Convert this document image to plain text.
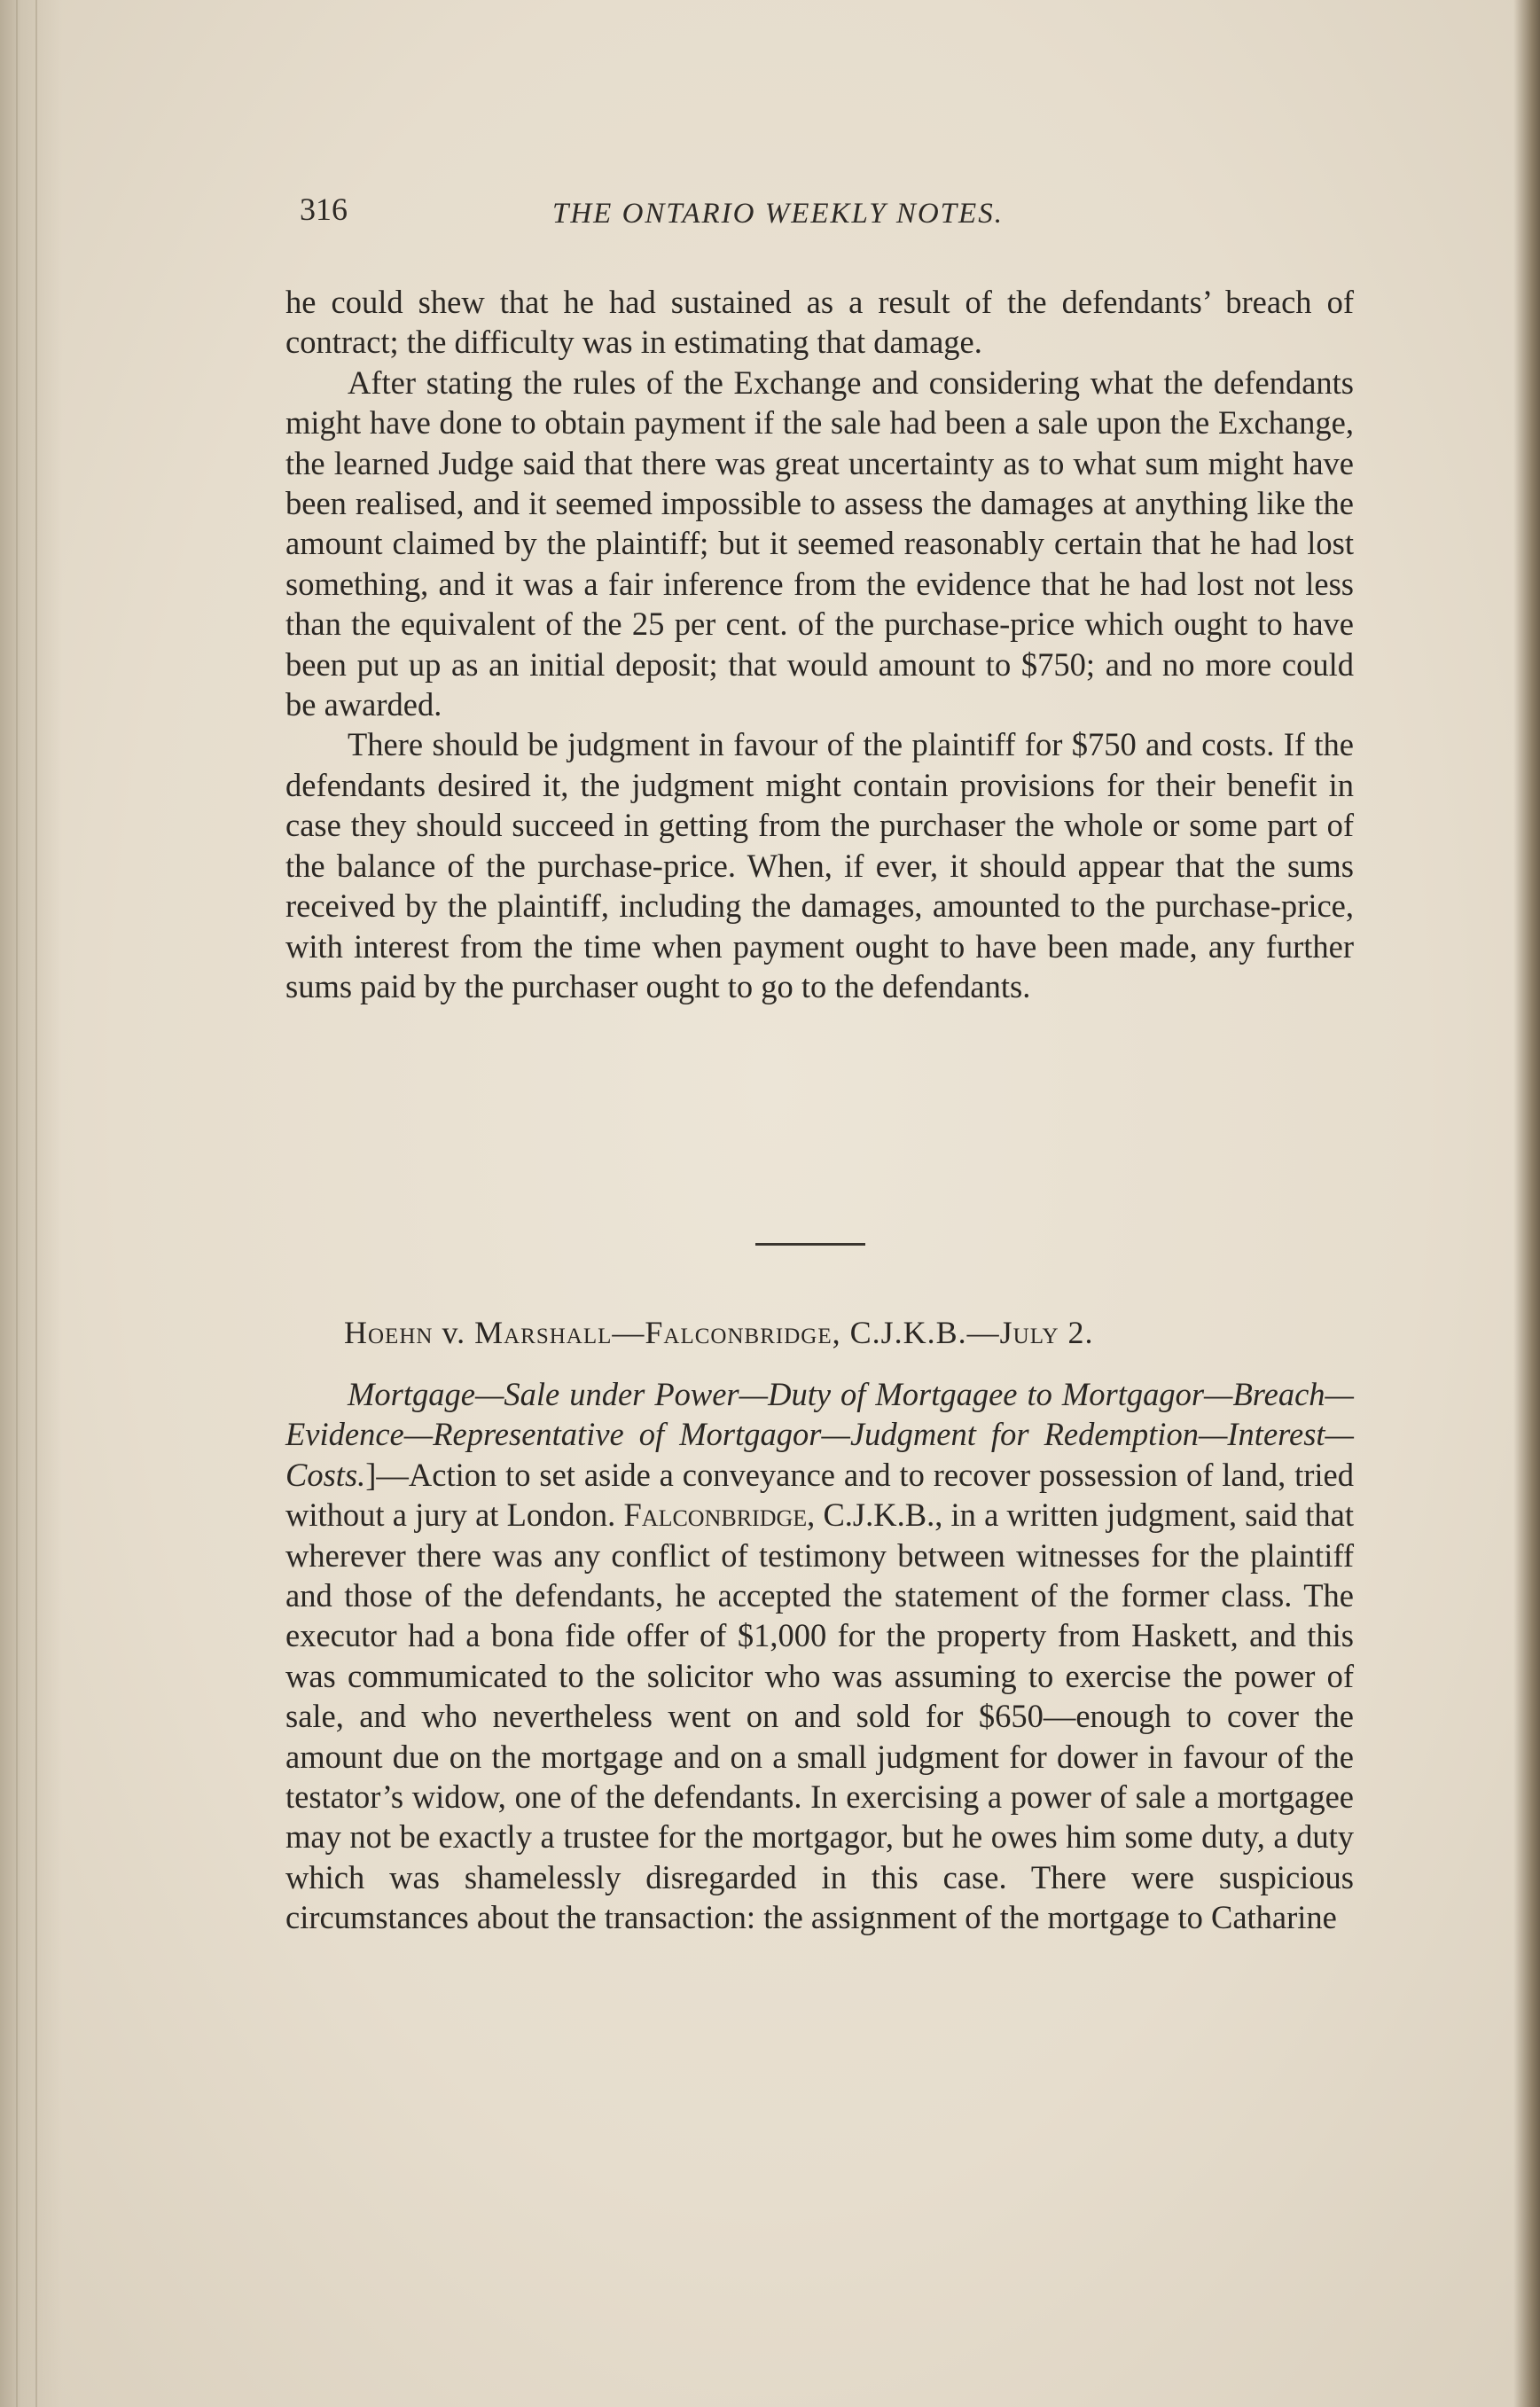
316	THE ONTARIO WEEKLY NOTES.

he could shew that he had sustained as a result of the defendants’ breach of contract; the difficulty was in estimating that damage.

After stating the rules of the Exchange and considering what the defendants might have done to obtain payment if the sale had been a sale upon the Exchange, the learned Judge said that there was great uncertainty as to what sum might have been realised, and it seemed impossible to assess the damages at anything like the amount claimed by the plaintiff; but it seemed reasonably certain that he had lost something, and it was a fair inference from the evidence that he had lost not less than the equivalent of the 25 per cent. of the purchase-price which ought to have been put up as an initial deposit; that would amount to $750; and no more could be awarded.

There should be judgment in favour of the plaintiff for $750 and costs. If the defendants desired it, the judgment might contain provisions for their benefit in case they should succeed in getting from the purchaser the whole or some part of the balance of the purchase-price. When, if ever, it should appear that the sums received by the plaintiff, including the damages, amounted to the purchase-price, with interest from the time when payment ought to have been made, any further sums paid by the purchaser ought to go to the defendants.

Hoehn v. Marshall—Falconbridge, C.J.K.B.—July 2.

Mortgage—Sale under Power—Duty of Mortgagee to Mortgagor—Breach—Evidence—Representative of Mortgagor—Judgment for Redemption—Interest—Costs.]—Action to set aside a conveyance and to recover possession of land, tried without a jury at London. Falconbridge, C.J.K.B., in a written judgment, said that wherever there was any conflict of testimony between witnesses for the plaintiff and those of the defendants, he accepted the statement of the former class. The executor had a bona fide offer of $1,000 for the property from Haskett, and this was commumicated to the solicitor who was assuming to exercise the power of sale, and who nevertheless went on and sold for $650—enough to cover the amount due on the mortgage and on a small judgment for dower in favour of the testator’s widow, one of the defendants. In exercising a power of sale a mortgagee may not be exactly a trustee for the mortgagor, but he owes him some duty, a duty which was shamelessly disregarded in this case. There were suspicious circumstances about the transaction: the assignment of the mortgage to Catharine
